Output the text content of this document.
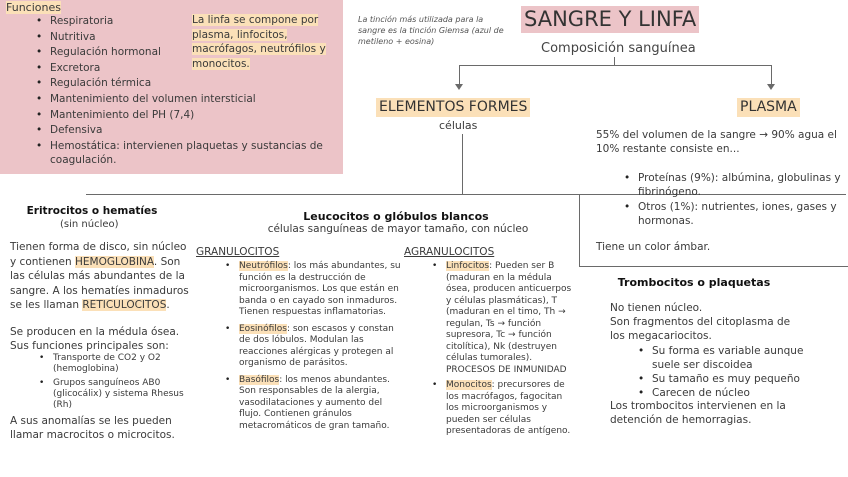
Funciones
• Respiratoria
• Nutritiva
• Regulación hormonal
• Excretora
• Regulación térmica
• Mantenimiento del volumen intersticial
• Mantenimiento del PH (7,4)
• Defensiva
• Hemostática: intervienen plaquetas y sustancias de coagulación.
La linfa se compone por plasma, linfocitos, macrófagos, neutrófilos y monocitos.
La tinción más utilizada para la sangre es la tinción Giemsa (azul de metileno + eosina)
SANGRE Y LINFA
Composición sanguínea
ELEMENTOS FORMES
células
PLASMA
55% del volumen de la sangre → 90% agua el 10% restante consiste en...
• Proteínas (9%): albúmina, globulinas y fibrinógeno.
• Otros (1%): nutrientes, iones, gases y hormonas.
Tiene un color ámbar.
Eritrocitos o hematíes
(sin núcleo)
Tienen forma de disco, sin núcleo y contienen HEMOGLOBINA. Son las células más abundantes de la sangre. A los hematíes inmaduros se les llaman RETICULOCITOS.
Se producen en la médula ósea. Sus funciones principales son:
• Transporte de CO2 y O2 (hemoglobina)
• Grupos sanguíneos AB0 (glicocálix) y sistema Rhesus (Rh)
A sus anomalías se les pueden llamar macrocitos o microcitos.
Leucocitos o glóbulos blancos
células sanguíneas de mayor tamaño, con núcleo
GRANULOCITOS
• Neutrófilos: los más abundantes, su función es la destrucción de microorganismos. Los que están en banda o en cayado son inmaduros. Tienen respuestas inflamatorias.
• Eosinófilos: son escasos y constan de dos lóbulos. Modulan las reacciones alérgicas y protegen al organismo de parásitos.
• Basófilos: los menos abundantes. Son responsables de la alergia, vasodilataciones y aumento del flujo. Contienen gránulos metacromáticos de gran tamaño.
AGRANULOCITOS
• Linfocitos: Pueden ser B (maduran en la médula ósea, producen anticuerpos y células plasmáticas), T (maduran en el timo, Th → regulan, Ts → función supresora, Tc → función citolítica), Nk (destruyen células tumorales). PROCESOS DE INMUNIDAD
• Monocitos: precursores de los macrófagos, fagocitan los microorganismos y pueden ser células presentadoras de antígeno.
Trombocitos o plaquetas
No tienen núcleo.
Son fragmentos del citoplasma de los megacariocitos.
• Su forma es variable aunque suele ser discoidea
• Su tamaño es muy pequeño
• Carecen de núcleo
Los trombocitos intervienen en la detención de hemorragias.
